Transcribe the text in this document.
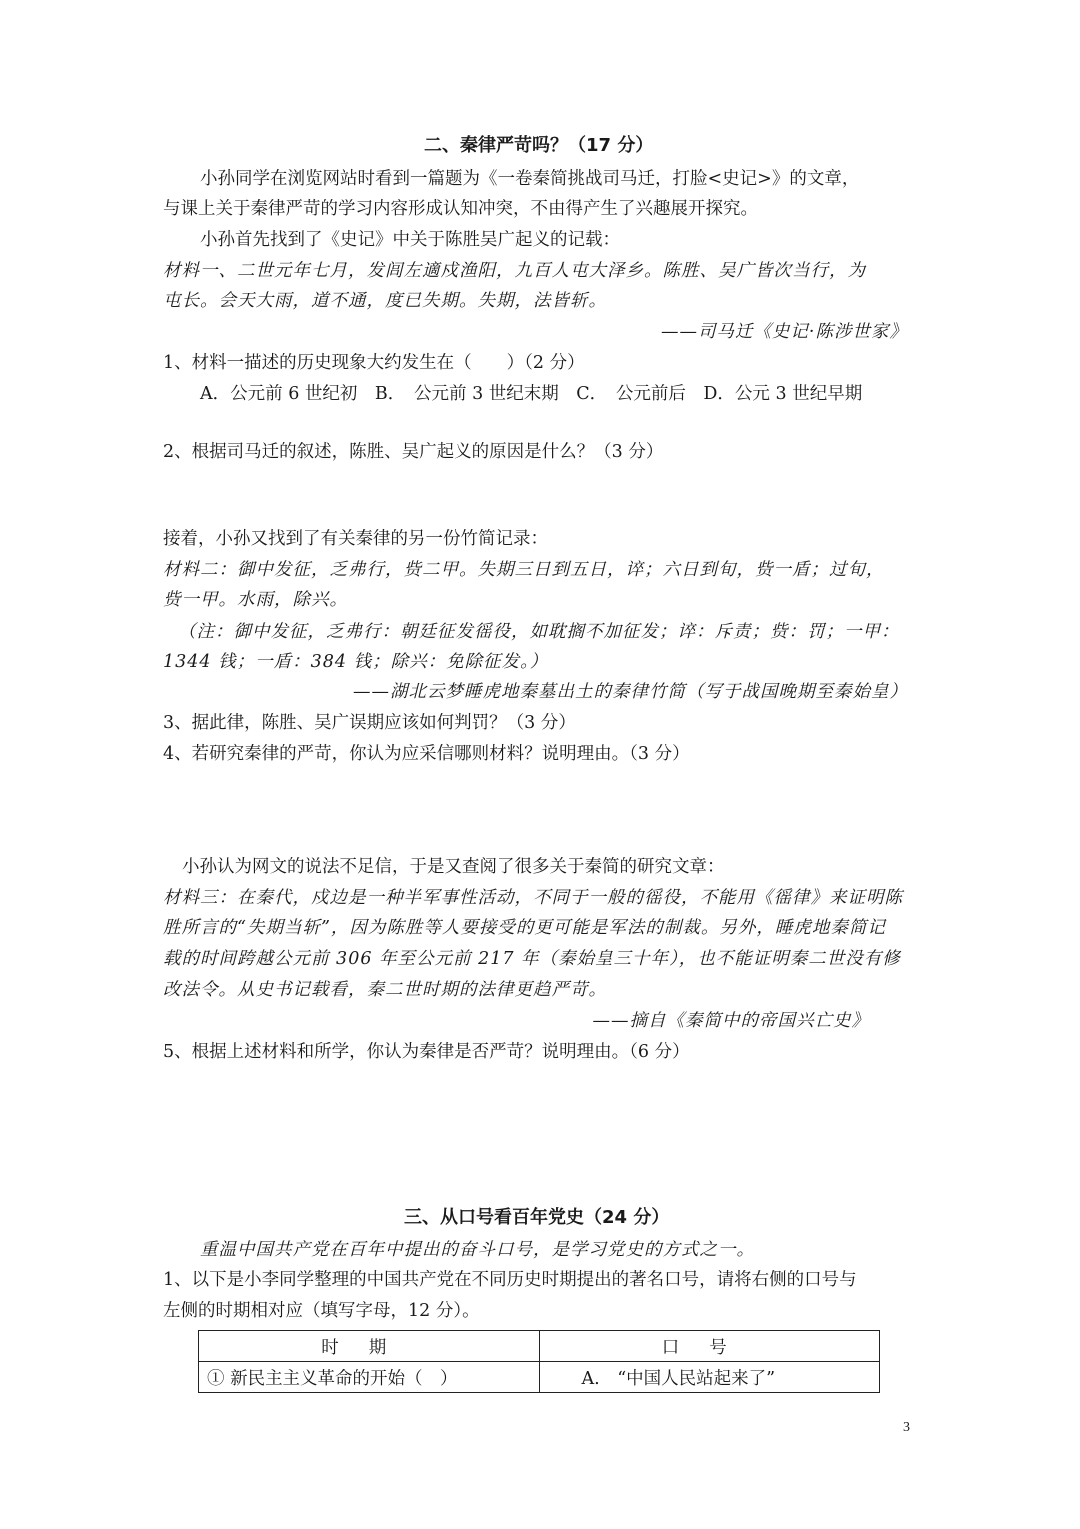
二、秦律严苛吗？（17 分）
小孙同学在浏览网站时看到一篇题为《一卷秦简挑战司马迁，打脸<史记>》的文章，
与课上关于秦律严苛的学习内容形成认知冲突，不由得产生了兴趣展开探究。
小孙首先找到了《史记》中关于陈胜吴广起义的记载：
材料一、二世元年七月，发闾左適戍渔阳，九百人屯大泽乡。陈胜、吴广皆次当行，为
屯长。会天大雨，道不通，度已失期。失期，法皆斩。
——司马迁《史记·陈涉世家》
1、材料一描述的历史现象大约发生在（　　）（2 分）
A．公元前 6 世纪初　B．　公元前 3 世纪末期　C．　公元前后　D．公元 3 世纪早期
2、根据司马迁的叙述，陈胜、吴广起义的原因是什么？（3 分）
接着，小孙又找到了有关秦律的另一份竹简记录：
材料二：御中发征，乏弗行，赀二甲。失期三日到五日，谇；六日到旬，赀一盾；过旬，
赀一甲。水雨，除兴。
（注：御中发征，乏弗行：朝廷征发徭役，如耽搁不加征发；谇：斥责；赀：罚；一甲：
1344 钱；一盾：384 钱；除兴：免除征发。）
——湖北云梦睡虎地秦墓出土的秦律竹简（写于战国晚期至秦始皇）
3、据此律，陈胜、吴广误期应该如何判罚？（3 分）
4、若研究秦律的严苛，你认为应采信哪则材料？说明理由。（3 分）
小孙认为网文的说法不足信，于是又查阅了很多关于秦简的研究文章：
材料三：在秦代，戍边是一种半军事性活动，不同于一般的徭役，不能用《徭律》来证明陈
胜所言的“失期当斩”，因为陈胜等人要接受的更可能是军法的制裁。另外，睡虎地秦简记
载的时间跨越公元前 306 年至公元前 217 年（秦始皇三十年），也不能证明秦二世没有修
改法令。从史书记载看，秦二世时期的法律更趋严苛。
——摘自《秦简中的帝国兴亡史》
5、根据上述材料和所学，你认为秦律是否严苛？说明理由。（6 分）
三、从口号看百年党史（24 分）
重温中国共产党在百年中提出的奋斗口号，是学习党史的方式之一。
1、以下是小李同学整理的中国共产党在不同历史时期提出的著名口号，请将右侧的口号与
左侧的时期相对应（填写字母，12 分）。
时期	口号
① 新民主主义革命的开始（　）	A.　“中国人民站起来了”
3
